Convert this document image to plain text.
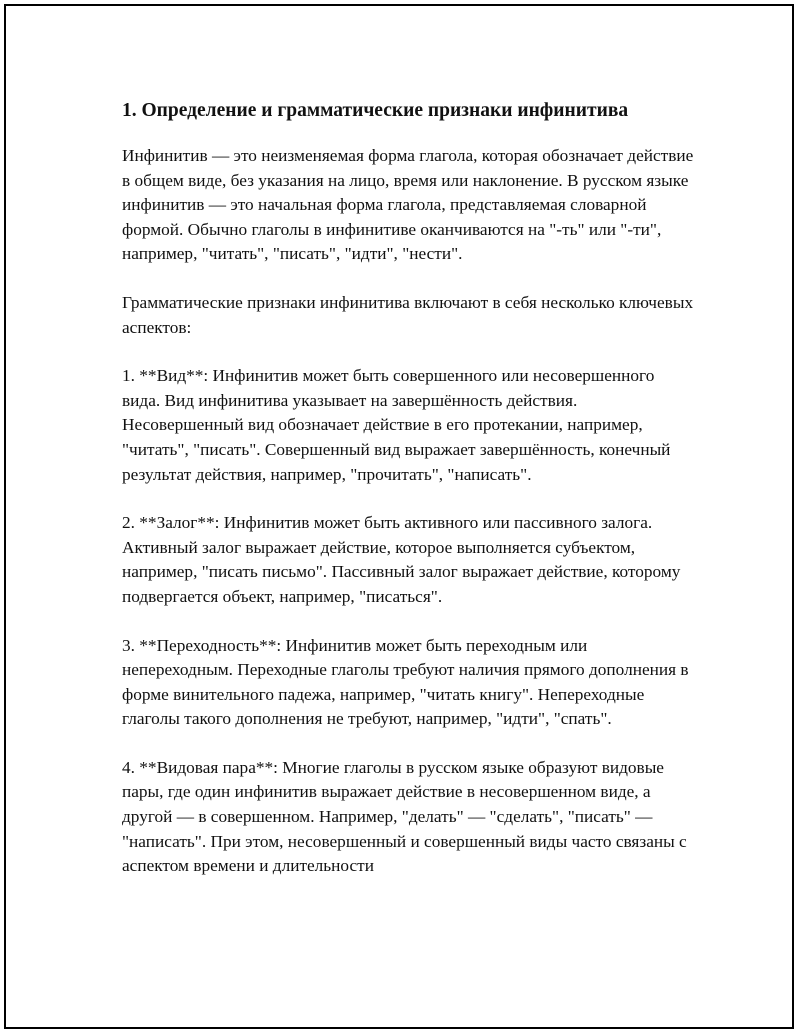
1. Определение и грамматические признаки инфинитива

Инфинитив — это неизменяемая форма глагола, которая обозначает действие в общем виде, без указания на лицо, время или наклонение. В русском языке инфинитив — это начальная форма глагола, представляемая словарной формой. Обычно глаголы в инфинитиве оканчиваются на "-ть" или "-ти", например, "читать", "писать", "идти", "нести".

Грамматические признаки инфинитива включают в себя несколько ключевых аспектов:

1. **Вид**: Инфинитив может быть совершенного или несовершенного вида. Вид инфинитива указывает на завершённость действия. Несовершенный вид обозначает действие в его протекании, например, "читать", "писать". Совершенный вид выражает завершённость, конечный результат действия, например, "прочитать", "написать".

2. **Залог**: Инфинитив может быть активного или пассивного залога. Активный залог выражает действие, которое выполняется субъектом, например, "писать письмо". Пассивный залог выражает действие, которому подвергается объект, например, "писаться".

3. **Переходность**: Инфинитив может быть переходным или непереходным. Переходные глаголы требуют наличия прямого дополнения в форме винительного падежа, например, "читать книгу". Непереходные глаголы такого дополнения не требуют, например, "идти", "спать".

4. **Видовая пара**: Многие глаголы в русском языке образуют видовые пары, где один инфинитив выражает действие в несовершенном виде, а другой — в совершенном. Например, "делать" — "сделать", "писать" — "написать". При этом, несовершенный и совершенный виды часто связаны с аспектом времени и длительности
